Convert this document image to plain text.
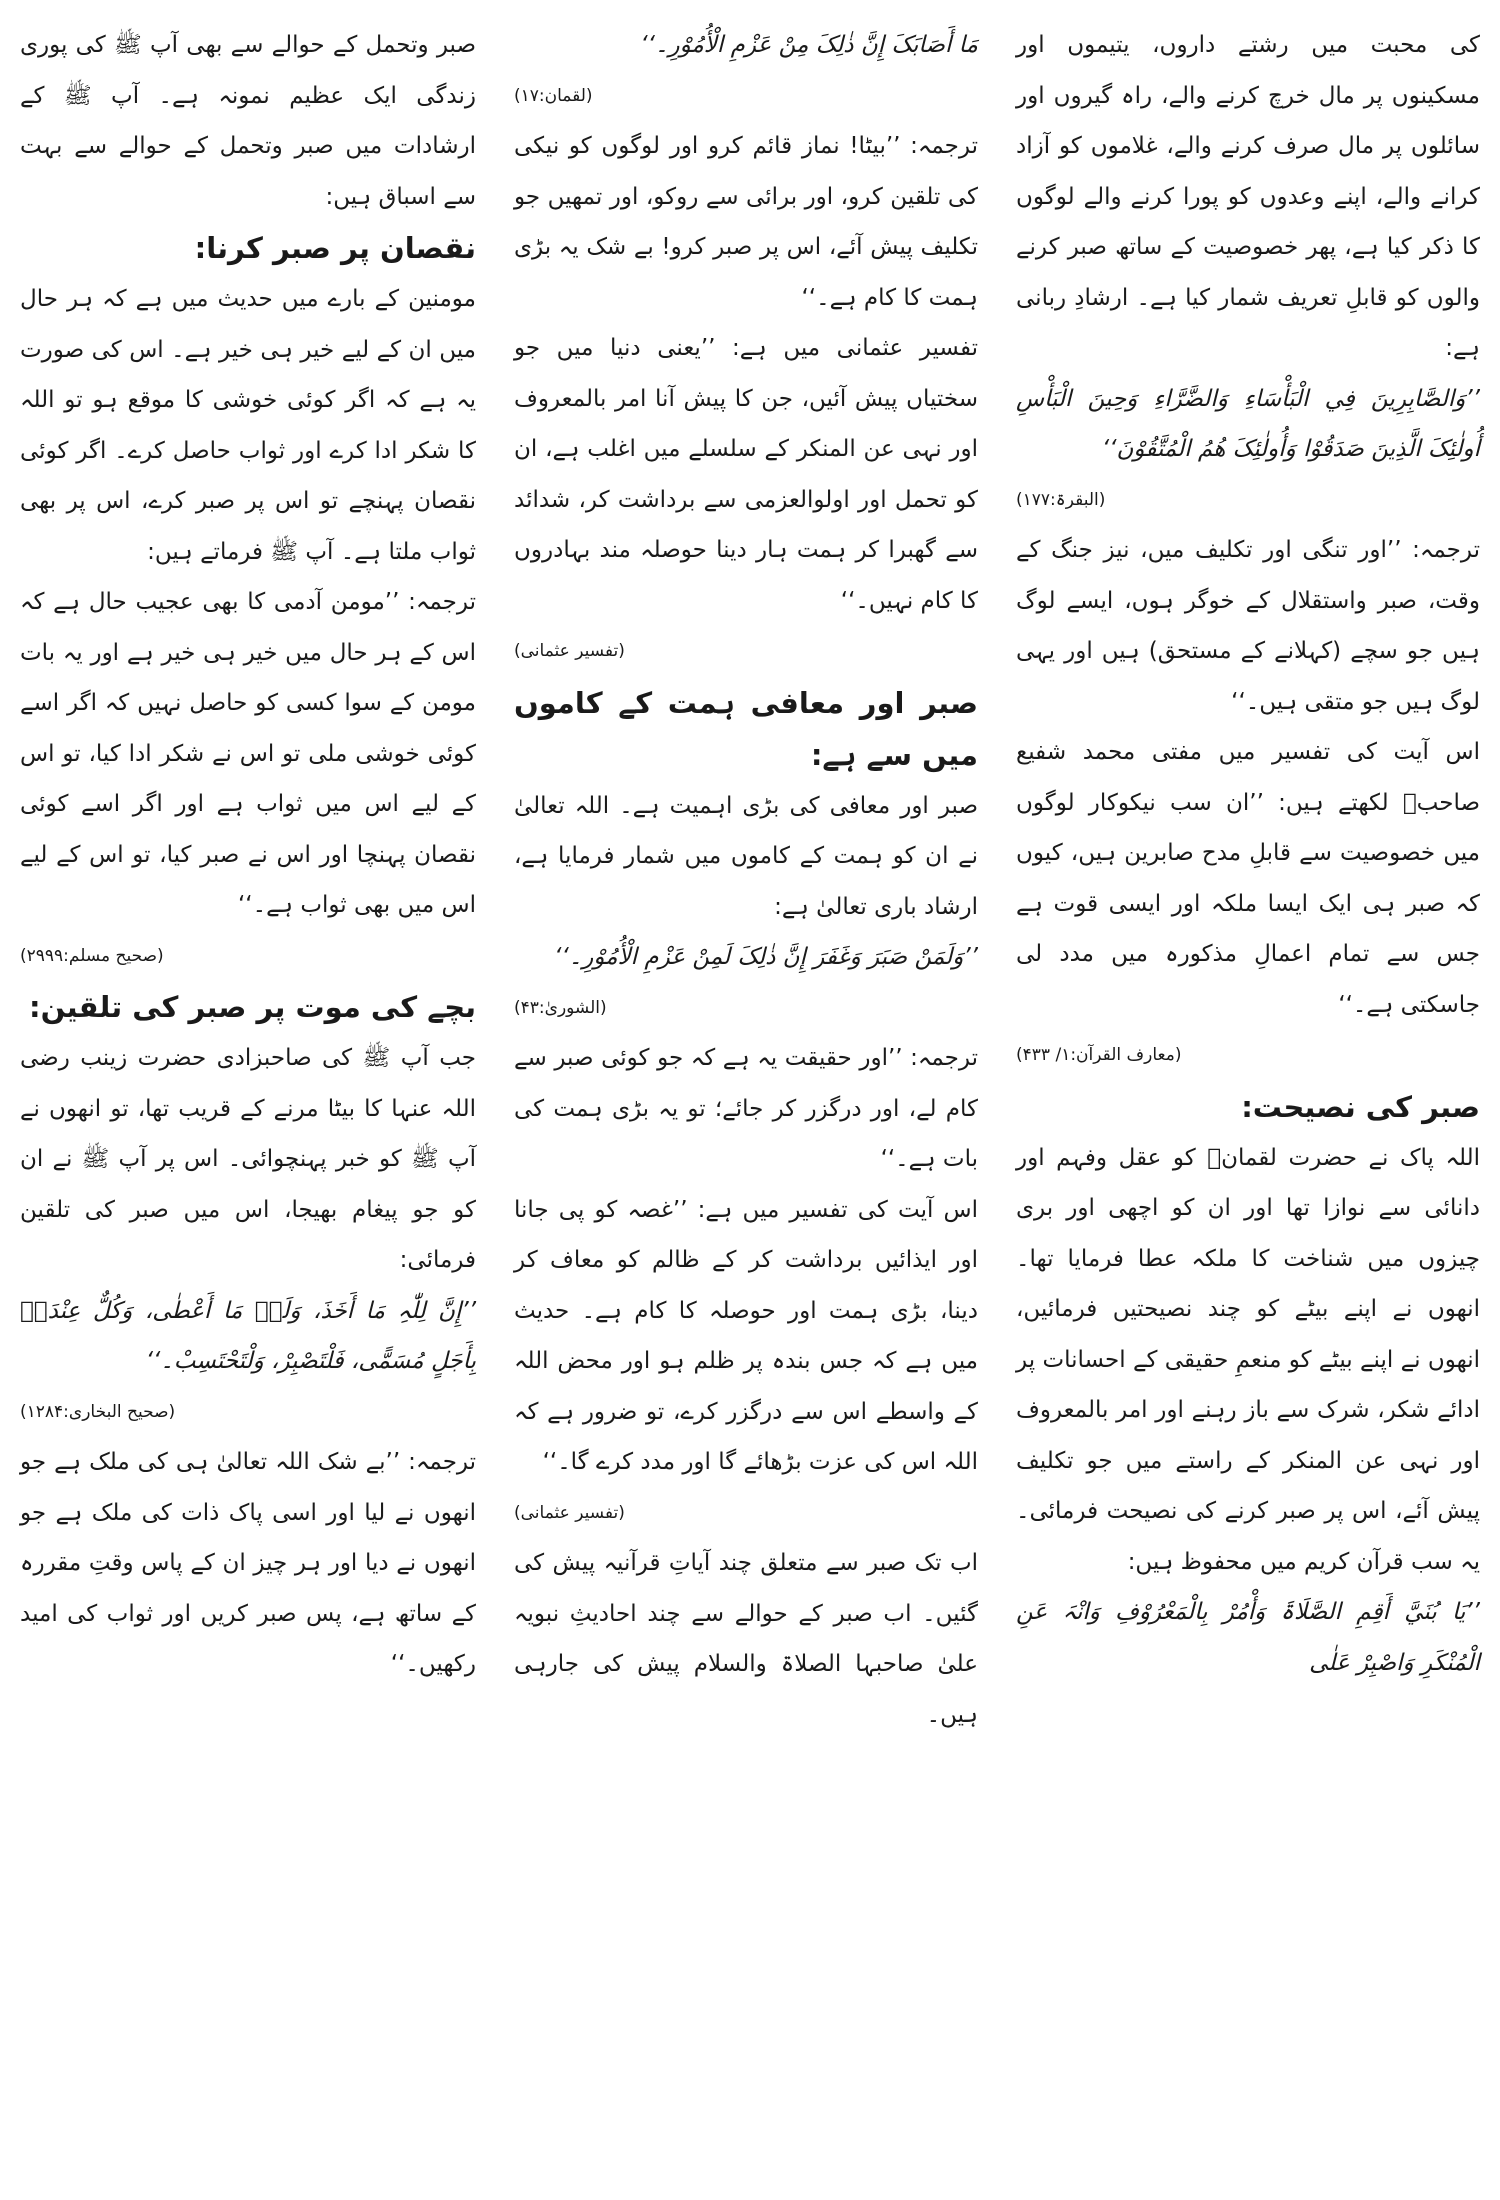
کی محبت میں رشتے داروں، یتیموں اور مسکینوں پر مال خرچ کرنے والے، راہ گیروں اور سائلوں پر مال صرف کرنے والے، غلاموں کو آزاد کرانے والے، اپنے وعدوں کو پورا کرنے والے لوگوں کا ذکر کیا ہے، پھر خصوصیت کے ساتھ صبر کرنے والوں کو قابلِ تعریف شمار کیا ہے۔ ارشادِ ربانی ہے:

’’وَالصَّابِرِینَ فِي الْبَأْسَاءِ وَالضَّرَّاءِ وَحِینَ الْبَأْسِ أُولٰئِکَ الَّذِینَ صَدَقُوْا وَأُولٰئِکَ ھُمُ الْمُتَّقُوْنَ‘‘

(البقرۃ:۱۷۷)

ترجمہ: ’’اور تنگی اور تکلیف میں، نیز جنگ کے وقت، صبر واستقلال کے خوگر ہوں، ایسے لوگ ہیں جو سچے (کہلانے کے مستحق) ہیں اور یہی لوگ ہیں جو متقی ہیں۔‘‘

اس آیت کی تفسیر میں مفتی محمد شفیع صاحبؒ لکھتے ہیں: ’’ان سب نیکوکار لوگوں میں خصوصیت سے قابلِ مدح صابرین ہیں، کیوں کہ صبر ہی ایک ایسا ملکہ اور ایسی قوت ہے جس سے تمام اعمالِ مذکورہ میں مدد لی جاسکتی ہے۔‘‘

(معارف القرآن:۱/ ۴۳۳)

صبر کی نصیحت:

اللہ پاک نے حضرت لقمانؒ کو عقل وفہم اور دانائی سے نوازا تھا اور ان کو اچھی اور بری چیزوں میں شناخت کا ملکہ عطا فرمایا تھا۔ انھوں نے اپنے بیٹے کو چند نصیحتیں فرمائیں، انھوں نے اپنے بیٹے کو منعمِ حقیقی کے احسانات پر ادائے شکر، شرک سے باز رہنے اور امر بالمعروف اور نہی عن المنکر کے راستے میں جو تکلیف پیش آئے، اس پر صبر کرنے کی نصیحت فرمائی۔ یہ سب قرآن کریم میں محفوظ ہیں:

’’یَا بُنَيَّ أَقِمِ الصَّلَاۃَ وَأْمُرْ بِالْمَعْرُوْفِ وَانْہَ عَنِ الْمُنْکَرِ وَاصْبِرْ عَلٰی

مَا أَصَابَکَ إِنَّ ذٰلِکَ مِنْ عَزْمِ الْأُمُوْرِ۔‘‘

(لقمان:۱۷)

ترجمہ: ’’بیٹا! نماز قائم کرو اور لوگوں کو نیکی کی تلقین کرو، اور برائی سے روکو، اور تمھیں جو تکلیف پیش آئے، اس پر صبر کرو! بے شک یہ بڑی ہمت کا کام ہے۔‘‘

تفسیر عثمانی میں ہے: ’’یعنی دنیا میں جو سختیاں پیش آئیں، جن کا پیش آنا امر بالمعروف اور نہی عن المنکر کے سلسلے میں اغلب ہے، ان کو تحمل اور اولوالعزمی سے برداشت کر، شدائد سے گھبرا کر ہمت ہار دینا حوصلہ مند بہادروں کا کام نہیں۔‘‘

(تفسیر عثمانی)

صبر اور معافی ہمت کے کاموں میں سے ہے:

صبر اور معافی کی بڑی اہمیت ہے۔ اللہ تعالیٰ نے ان کو ہمت کے کاموں میں شمار فرمایا ہے، ارشاد باری تعالیٰ ہے:

’’وَلَمَنْ صَبَرَ وَغَفَرَ إِنَّ ذٰلِکَ لَمِنْ عَزْمِ الْأُمُوْرِ۔‘‘

(الشوریٰ:۴۳)

ترجمہ: ’’اور حقیقت یہ ہے کہ جو کوئی صبر سے کام لے، اور درگزر کر جائے؛ تو یہ بڑی ہمت کی بات ہے۔‘‘

اس آیت کی تفسیر میں ہے: ’’غصہ کو پی جانا اور ایذائیں برداشت کر کے ظالم کو معاف کر دینا، بڑی ہمت اور حوصلہ کا کام ہے۔ حدیث میں ہے کہ جس بندہ پر ظلم ہو اور محض اللہ کے واسطے اس سے درگزر کرے، تو ضرور ہے کہ اللہ اس کی عزت بڑھائے گا اور مدد کرے گا۔‘‘

(تفسیر عثمانی)

اب تک صبر سے متعلق چند آیاتِ قرآنیہ پیش کی گئیں۔ اب صبر کے حوالے سے چند احادیثِ نبویہ علیٰ صاحبہا الصلاۃ والسلام پیش کی جارہی ہیں۔

صبر وتحمل کے حوالے سے بھی آپ ﷺ کی پوری زندگی ایک عظیم نمونہ ہے۔ آپ ﷺ کے ارشادات میں صبر وتحمل کے حوالے سے بہت سے اسباق ہیں:

نقصان پر صبر کرنا:

مومنین کے بارے میں حدیث میں ہے کہ ہر حال میں ان کے لیے خیر ہی خیر ہے۔ اس کی صورت یہ ہے کہ اگر کوئی خوشی کا موقع ہو تو اللہ کا شکر ادا کرے اور ثواب حاصل کرے۔ اگر کوئی نقصان پہنچے تو اس پر صبر کرے، اس پر بھی ثواب ملتا ہے۔ آپ ﷺ فرماتے ہیں:

ترجمہ: ’’مومن آدمی کا بھی عجیب حال ہے کہ اس کے ہر حال میں خیر ہی خیر ہے اور یہ بات مومن کے سوا کسی کو حاصل نہیں کہ اگر اسے کوئی خوشی ملی تو اس نے شکر ادا کیا، تو اس کے لیے اس میں ثواب ہے اور اگر اسے کوئی نقصان پہنچا اور اس نے صبر کیا، تو اس کے لیے اس میں بھی ثواب ہے۔‘‘

(صحیح مسلم:۲۹۹۹)

بچے کی موت پر صبر کی تلقین:

جب آپ ﷺ کی صاحبزادی حضرت زینب رضی اللہ عنہا کا بیٹا مرنے کے قریب تھا، تو انھوں نے آپ ﷺ کو خبر پہنچوائی۔ اس پر آپ ﷺ نے ان کو جو پیغام بھیجا، اس میں صبر کی تلقین فرمائی:

’’إِنَّ لِلّٰہِ مَا أَخَذَ، وَلَہٗ مَا أَعْطٰی، وَکُلٌّ عِنْدَہٗ بِأَجَلٍ مُسَمًّی، فَلْتَصْبِرْ، وَلْتَحْتَسِبْ۔‘‘

(صحیح البخاری:۱۲۸۴)

ترجمہ: ’’بے شک اللہ تعالیٰ ہی کی ملک ہے جو انھوں نے لیا اور اسی پاک ذات کی ملک ہے جو انھوں نے دیا اور ہر چیز ان کے پاس وقتِ مقررہ کے ساتھ ہے، پس صبر کریں اور ثواب کی امید رکھیں۔‘‘
